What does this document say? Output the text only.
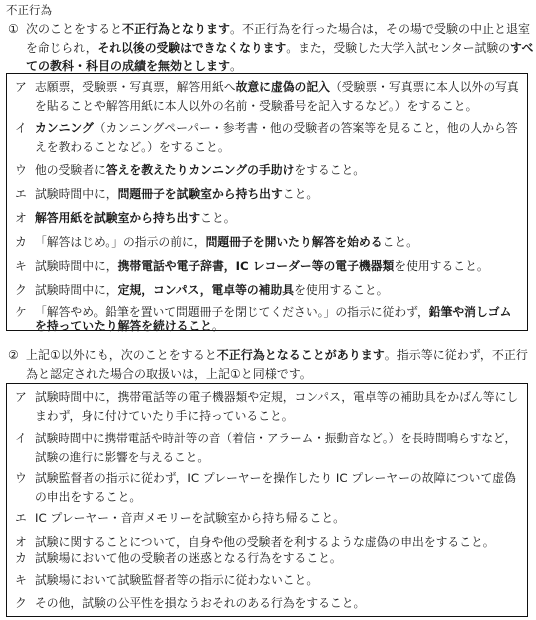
不正行為
① 次のことをすると不正行為となります。不正行為を行った場合は，その場で受験の中止と退室
を命じられ，それ以後の受験はできなくなります。また，受験した大学入試センター試験のすべ
ての教科・科目の成績を無効とします。
ア 志願票，受験票・写真票，解答用紙へ故意に虚偽の記入（受験票・写真票に本人以外の写真
を貼ることや解答用紙に本人以外の名前・受験番号を記入するなど。）をすること。
イ カンニング（カンニングペーパー・参考書・他の受験者の答案等を見ること，他の人から答
えを教わることなど。）をすること。
ウ 他の受験者に答えを教えたりカンニングの手助けをすること。
エ 試験時間中に，問題冊子を試験室から持ち出すこと。
オ 解答用紙を試験室から持ち出すこと。
カ 「解答はじめ。」の指示の前に，問題冊子を開いたり解答を始めること。
キ 試験時間中に，携帯電話や電子辞書，IC レコーダー等の電子機器類を使用すること。
ク 試験時間中に，定規，コンパス，電卓等の補助具を使用すること。
ケ 「解答やめ。鉛筆を置いて問題冊子を閉じてください。」の指示に従わず，鉛筆や消しゴム
を持っていたり解答を続けること。
② 上記①以外にも，次のことをすると不正行為となることがあります。指示等に従わず，不正行
為と認定された場合の取扱いは，上記①と同様です。
ア 試験時間中に，携帯電話等の電子機器類や定規，コンパス，電卓等の補助具をかばん等にし
まわず，身に付けていたり手に持っていること。
イ 試験時間中に携帯電話や時計等の音（着信・アラーム・振動音など。）を長時間鳴らすなど，
試験の進行に影響を与えること。
ウ 試験監督者の指示に従わず，IC プレーヤーを操作したり IC プレーヤーの故障について虚偽
の申出をすること。
エ IC プレーヤー・音声メモリーを試験室から持ち帰ること。
オ 試験に関することについて，自身や他の受験者を利するような虚偽の申出をすること。
カ 試験場において他の受験者の迷惑となる行為をすること。
キ 試験場において試験監督者等の指示に従わないこと。
ク その他，試験の公平性を損なうおそれのある行為をすること。
